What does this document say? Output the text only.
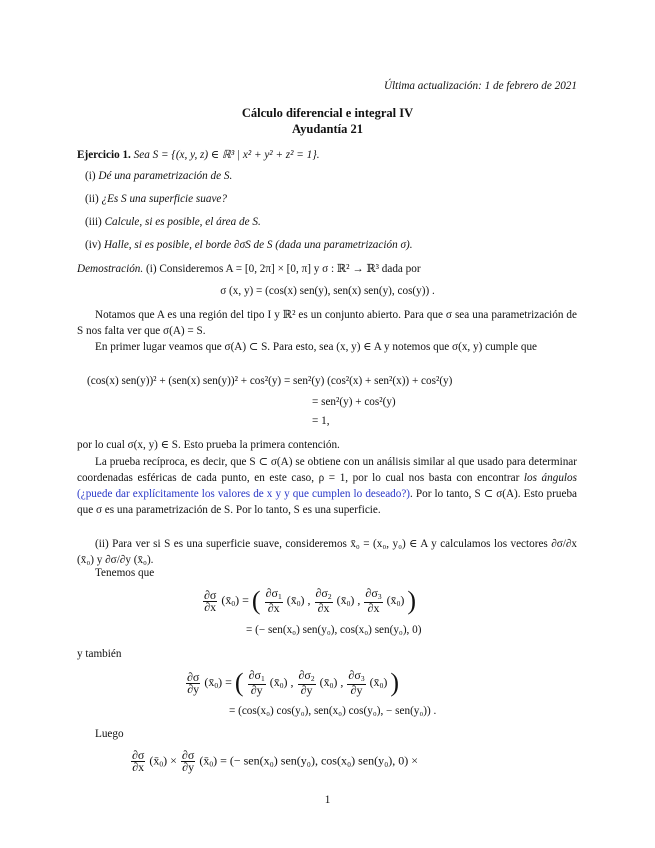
Última actualización: 1 de febrero de 2021
Cálculo diferencial e integral IV
Ayudantía 21
Ejercicio 1. Sea S = {(x, y, z) ∈ ℝ³ | x² + y² + z² = 1}.
(i) Dé una parametrización de S.
(ii) ¿Es S una superficie suave?
(iii) Calcule, si es posible, el área de S.
(iv) Halle, si es posible, el borde ∂σS de S (dada una parametrización σ).
Demostración. (i) Consideremos A = [0, 2π] × [0, π] y σ : ℝ² → ℝ³ dada por
σ (x, y) = (cos(x) sen(y), sen(x) sen(y), cos(y)) .
Notamos que A es una región del tipo I y ℝ² es un conjunto abierto. Para que σ sea una parametrización de S nos falta ver que σ(A) = S.
En primer lugar veamos que σ(A) ⊂ S. Para esto, sea (x, y) ∈ A y notemos que σ(x, y) cumple que
(cos(x) sen(y))² + (sen(x) sen(y))² + cos²(y) = sen²(y) (cos²(x) + sen²(x)) + cos²(y)
= sen²(y) + cos²(y)
= 1,
por lo cual σ(x, y) ∈ S. Esto prueba la primera contención.
La prueba recíproca, es decir, que S ⊂ σ(A) se obtiene con un análisis similar al que usado para determinar coordenadas esféricas de cada punto, en este caso, ρ = 1, por lo cual nos basta con encontrar los ángulos (¿puede dar explícitamente los valores de x y y que cumplen lo deseado?). Por lo tanto, S ⊂ σ(A). Esto prueba que σ es una parametrización de S. Por lo tanto, S es una superficie.
(ii) Para ver si S es una superficie suave, consideremos x̄₀ = (x₀, y₀) ∈ A y calculamos los vectores ∂σ/∂x (x̄₀) y ∂σ/∂y (x̄₀).
Tenemos que
$\frac{\partial\sigma}{\partial x}$ $(x̄_0)$ = ( $\frac{\partial\sigma_1}{\partial x}$ $(x̄_0)$ , $\frac{\partial\sigma_2}{\partial x}$ $(x̄_0)$ , $\frac{\partial\sigma_3}{\partial x}$ $(x̄_0)$ )
= (− sen(x₀) sen(y₀), cos(x₀) sen(y₀), 0)
y también
$\frac{\partial\sigma}{\partial y}$ $(x̄_0)$ = ( $\frac{\partial\sigma_1}{\partial y}$ $(x̄_0)$ , $\frac{\partial\sigma_2}{\partial y}$ $(x̄_0)$ , $\frac{\partial\sigma_3}{\partial y}$ $(x̄_0)$ )
= (cos(x₀) cos(y₀), sen(x₀) cos(y₀), − sen(y₀)) .
Luego
$\frac{\partial\sigma}{\partial x}$ $(x̄_0) \times \frac{\partial\sigma}{\partial y}$ $(x̄_0)$ = (− sen(x₀) sen(y₀), cos(x₀) sen(y₀), 0) ×
1
